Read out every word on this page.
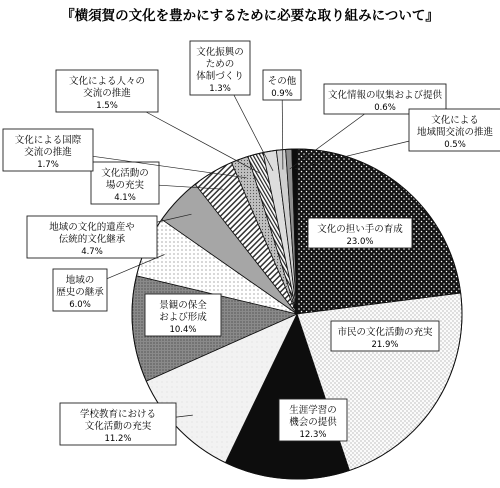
『横須賀の文化を豊かにするために必要な取り組みについて』
文化の担い手の育成
23.0%
市民の文化活動の充実
21.9%
生涯学習の機会の提供
12.3%
学校教育における文化活動の充実
11.2%
景観の保全および形成
10.4%
地域の歴史の継承
6.0%
地域の文化的遺産や伝統的文化継承
4.7%
文化活動の場の充実
4.1%
文化による国際交流の推進
1.7%
文化による人々の交流の推進
1.5%
文化振興のための体制づくり
1.3%
その他
0.9%	文化情報の収集および提供
0.6%
文化による地域間交流の推進
0.5%
